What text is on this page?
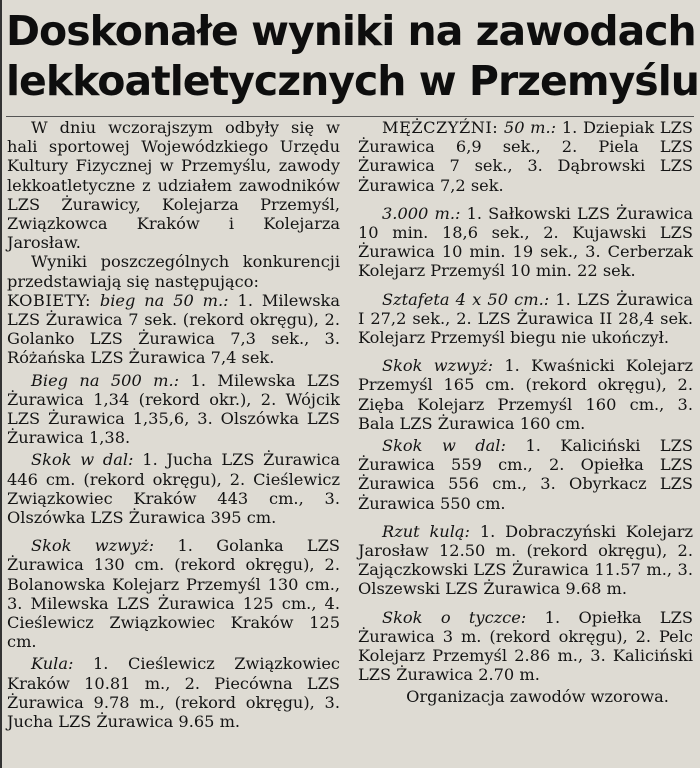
Doskonałe wyniki na zawodach
lekkoatletycznych w Przemyślu

W dniu wczorajszym odbyły się w hali sportowej Wojewódzkiego Urzędu Kultury Fizycznej w Przemyślu, zawody lekkoatletyczne z udziałem zawodników LZS Żurawicy, Kolejarza Przemyśl, Związkowca Kraków i Kolejarza Jarosław.

Wyniki poszczególnych konkurencji przedstawiają się następująco:

KOBIETY: bieg na 50 m.: 1. Milewska LZS Żurawica 7 sek. (rekord okręgu), 2. Golanko LZS Żurawica 7,3 sek., 3. Różańska LZS Żurawica 7,4 sek.

Bieg na 500 m.: 1. Milewska LZS Żurawica 1,34 (rekord okr.), 2. Wójcik LZS Żurawica 1,35,6, 3. Olszówka LZS Żurawica 1,38.

Skok w dal: 1. Jucha LZS Żurawica 446 cm. (rekord okręgu), 2. Cieślewicz Związkowiec Kraków 443 cm., 3. Olszówka LZS Żurawica 395 cm.

Skok wzwyż: 1. Golanka LZS Żurawica 130 cm. (rekord okręgu), 2. Bolanowska Kolejarz Przemyśl 130 cm., 3. Milewska LZS Żurawica 125 cm., 4. Cieślewicz Związkowiec Kraków 125 cm.

Kula: 1. Cieślewicz Związkowiec Kraków 10.81 m., 2. Piecówna LZS Żurawica 9.78 m., (rekord okręgu), 3. Jucha LZS Żurawica 9.65 m.

MĘŻCZYŹNI: 50 m.: 1. Dziepiak LZS Żurawica 6,9 sek., 2. Piela LZS Żurawica 7 sek., 3. Dąbrowski LZS Żurawica 7,2 sek.

3.000 m.: 1. Sałkowski LZS Żurawica 10 min. 18,6 sek., 2. Kujawski LZS Żurawica 10 min. 19 sek., 3. Cerberzak Kolejarz Przemyśl 10 min. 22 sek.

Sztafeta 4 x 50 cm.: 1. LZS Żurawica I 27,2 sek., 2. LZS Żurawica II 28,4 sek. Kolejarz Przemyśl biegu nie ukończył.

Skok wzwyż: 1. Kwaśnicki Kolejarz Przemyśl 165 cm. (rekord okręgu), 2. Zięba Kolejarz Przemyśl 160 cm., 3. Bala LZS Żurawica 160 cm.

Skok w dal: 1. Kaliciński LZS Żurawica 559 cm., 2. Opiełka LZS Żurawica 556 cm., 3. Obyrkacz LZS Żurawica 550 cm.

Rzut kulą: 1. Dobraczyński Kolejarz Jarosław 12.50 m. (rekord okręgu), 2. Zajączkowski LZS Żurawica 11.57 m., 3. Olszewski LZS Żurawica 9.68 m.

Skok o tyczce: 1. Opiełka LZS Żurawica 3 m. (rekord okręgu), 2. Pelc Kolejarz Przemyśl 2.86 m., 3. Kaliciński LZS Żurawica 2.70 m.

Organizacja zawodów wzorowa.
